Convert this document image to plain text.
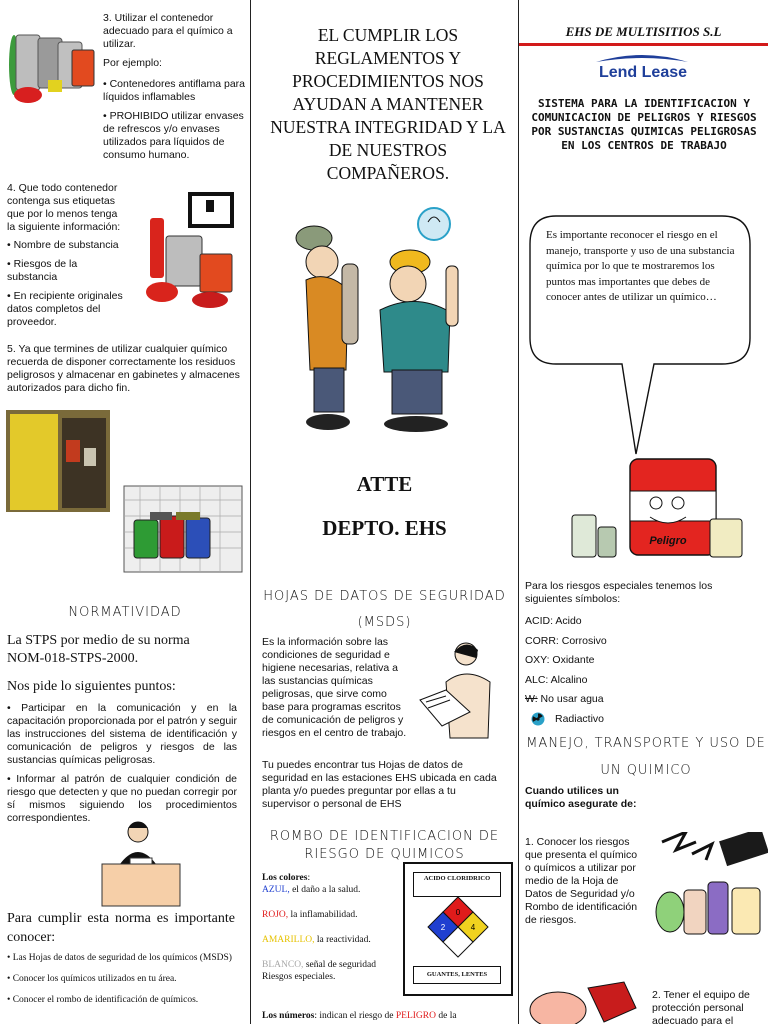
3. Utilizar el contenedor adecuado para el químico a utilizar.
Por ejemplo:
• Contenedores antiflama para líquidos inflamables
• PROHIBIDO utilizar envases de refrescos y/o envases utilizados para líquidos de consumo humano.
4. Que todo contenedor contenga sus etiquetas que por lo menos tenga la siguiente información:
• Nombre de substancia
• Riesgos de la substancia
• En recipiente originales datos completos del proveedor.
5. Ya que termines de utilizar cualquier químico recuerda de disponer correctamente los residuos peligrosos y almacenar en gabinetes y almacenes autorizados para dicho fin.
NORMATIVIDAD
La STPS por medio de su norma NOM-018-STPS-2000.
Nos pide lo siguientes puntos:
• Participar en la comunicación y en la capacitación proporcionada por el patrón y seguir las instrucciones del sistema de identificación y comunicación de peligros y riesgos de las sustancias químicas peligrosas.
• Informar al patrón de cualquier condición de riesgo que detecten y que no puedan corregir por sí mismos siguiendo los procedimientos correspondientes.
Para cumplir esta norma es importante conocer:
• Las Hojas de datos de seguridad de los químicos (MSDS)
• Conocer los químicos utilizados en tu área.
• Conocer el rombo de identificación de químicos.
EL CUMPLIR LOS REGLAMENTOS Y PROCEDIMIENTOS NOS AYUDAN A MANTENER NUESTRA INTEGRIDAD Y LA DE NUESTROS COMPAÑEROS.
ATTE
DEPTO. EHS
HOJAS DE DATOS DE SEGURIDAD (MSDS)
Es la información sobre las condiciones de seguridad e higiene necesarias, relativa a las sustancias químicas peligrosas, que sirve como base para programas escritos de comunicación de peligros y riesgos en el centro de trabajo.
Tu puedes encontrar tus Hojas de datos de seguridad en las estaciones EHS ubicada en cada planta y/o puedes preguntar por ellas a tu supervisor o personal de EHS
ROMBO DE IDENTIFICACION DE RIESGO DE QUIMICOS
Los colores:
AZUL, el daño a la salud.
ROJO, la inflamabilidad.
AMARILLO, la reactividad.
BLANCO, señal de seguridad Riesgos especiales.
ACIDO CLORIDRICO
0
2	4
GUANTES, LENTES
Los números: indican el riesgo de PELIGRO de la
EHS DE MULTISITIOS S.L
Lend Lease
SISTEMA PARA LA IDENTIFICACION Y COMUNICACION DE PELIGROS Y RIESGOS POR SUSTANCIAS QUIMICAS PELIGROSAS EN LOS CENTROS DE TRABAJO
Es importante reconocer el riesgo en el manejo, transporte y uso de una substancia química por lo que te mostraremos los puntos mas importantes que debes de conocer antes de utilizar un químico…
Peligro
Para los riesgos especiales tenemos los siguientes símbolos:
ACID: Acido
CORR: Corrosivo
OXY: Oxidante
ALC: Alcalino
W: No usar agua
Radiactivo
MANEJO, TRANSPORTE Y USO DE UN QUIMICO
Cuando utilices un químico asegurate de:
1. Conocer los riesgos que presenta el químico o químicos a utilizar por medio de la Hoja de Datos de Seguridad y/o Rombo de identificación de riesgos.
2. Tener el equipo de protección personal adecuado para el
